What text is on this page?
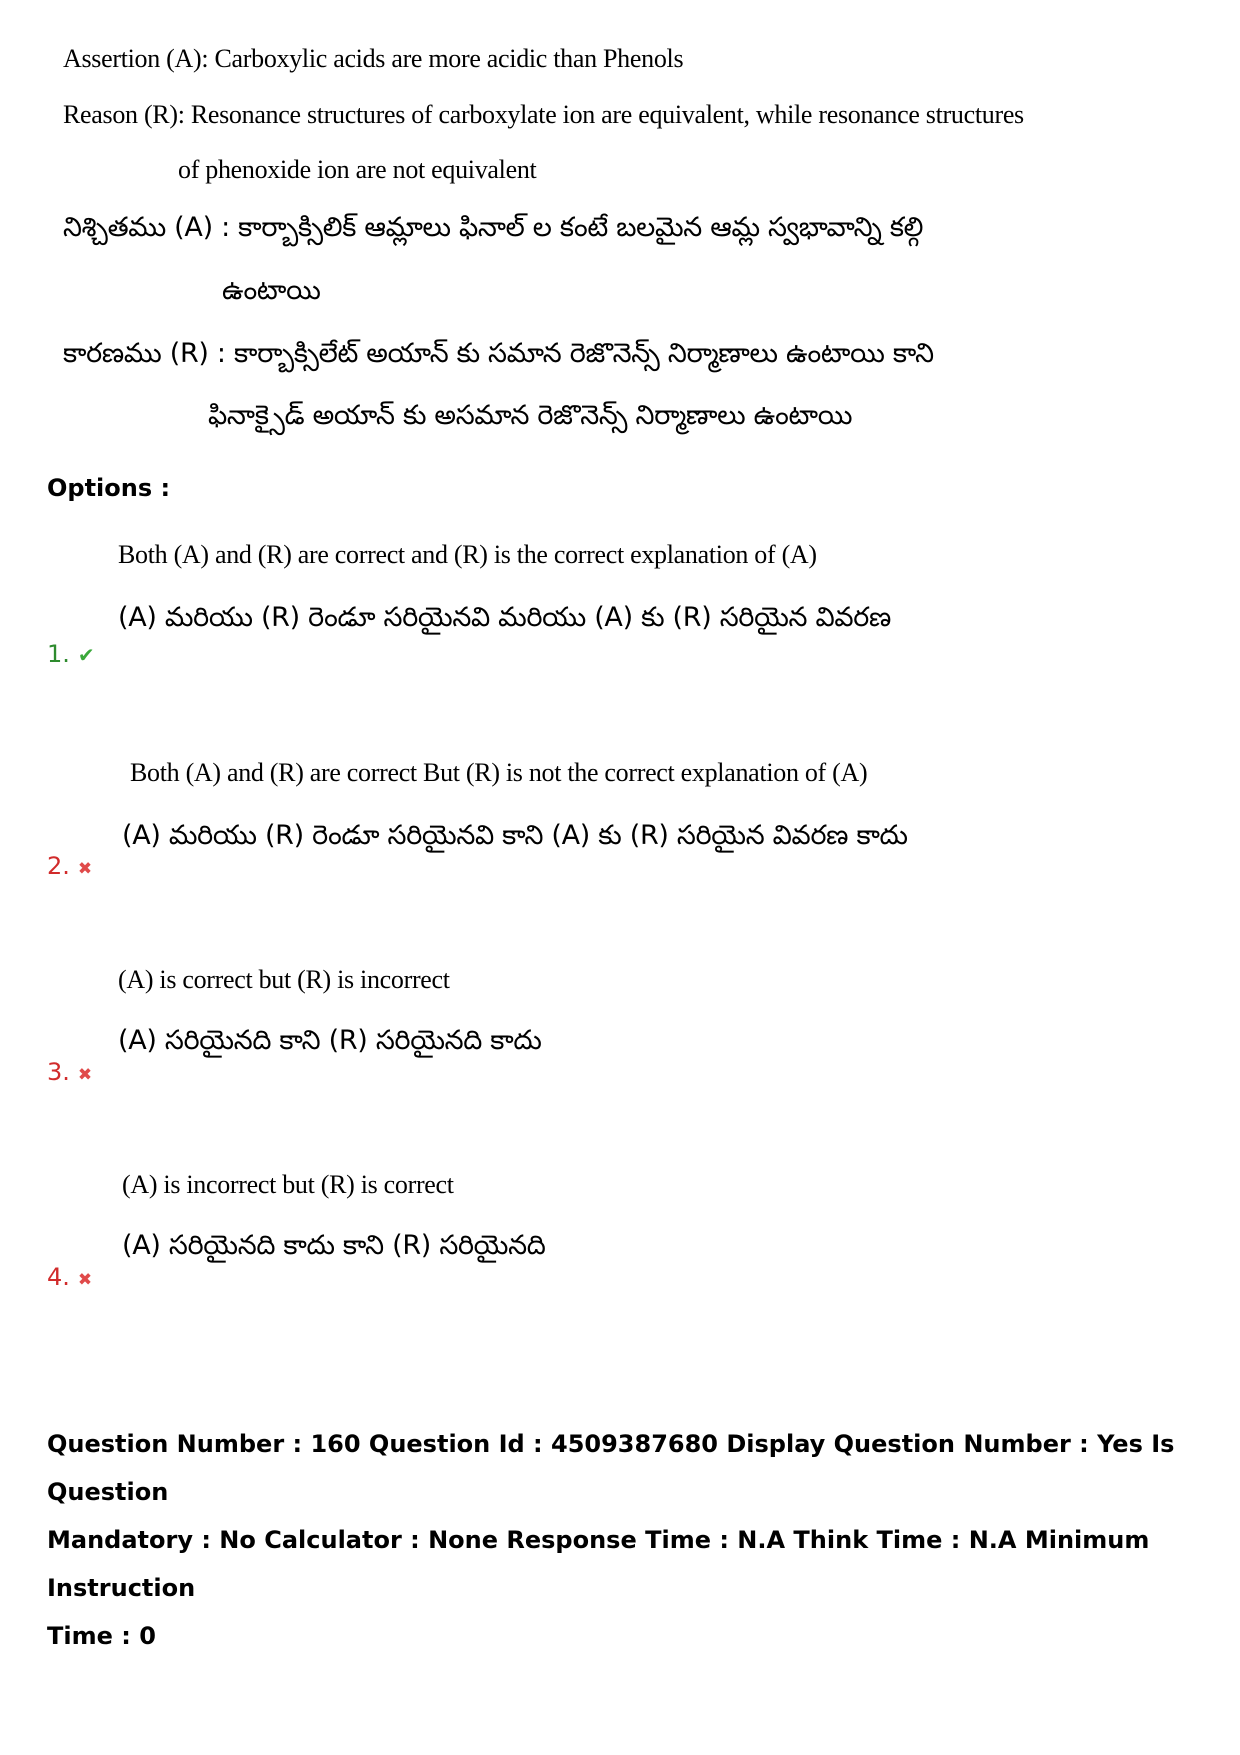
Assertion (A): Carboxylic acids are more acidic than Phenols
Reason (R): Resonance structures of carboxylate ion are equivalent, while resonance structures
of phenoxide ion are not equivalent
నిశ్చితము (A) : కార్బాక్సిలిక్ ఆమ్లాలు ఫినాల్ ల కంటే బలమైన ఆమ్ల స్వభావాన్ని కల్గి
ఉంటాయి
కారణము (R) : కార్బాక్సిలేట్ అయాన్ కు సమాన రెజొనెన్స్ నిర్మాణాలు ఉంటాయి కాని
ఫినాక్సైడ్ అయాన్ కు అసమాన రెజొనెన్స్ నిర్మాణాలు ఉంటాయి
Options :
Both (A) and (R) are correct and (R) is the correct explanation of (A)
(A) మరియు (R) రెండూ సరియైనవి మరియు (A) కు (R) సరియైన వివరణ
1. ✔
Both (A) and (R) are correct But (R) is not the correct explanation of (A)
(A) మరియు (R) రెండూ సరియైనవి కాని (A) కు (R) సరియైన వివరణ కాదు
2. ✖
(A) is correct but (R) is incorrect
(A) సరియైనది కాని (R) సరియైనది కాదు
3. ✖
(A) is incorrect but (R) is correct
(A) సరియైనది కాదు కాని (R) సరియైనది
4. ✖
Question Number : 160 Question Id : 4509387680 Display Question Number : Yes Is Question
Mandatory : No Calculator : None Response Time : N.A Think Time : N.A Minimum Instruction
Time : 0
